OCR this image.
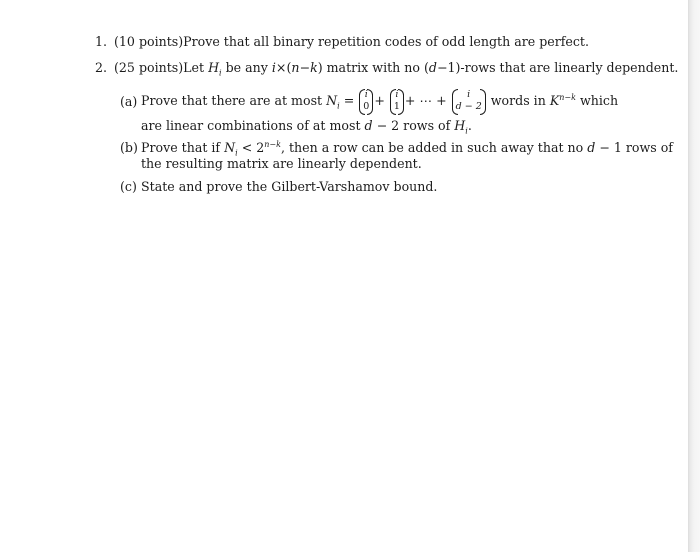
1. (10 points)Prove that all binary repetition codes of odd length are perfect.
2. (25 points)Let $H_i$ be any i×(n−k) matrix with no (d−1)-rows that are linearly dependent.
(a) Prove that there are at most $N_i = i$
0 + i
1 + ⋯ +	i
d − 2 words in $K^{n-k}$ which
are linear combinations of at most d − 2 rows of $H_i$.
(b) Prove that if $N_i < 2^{n-k}$, then a row can be added in such away that no d − 1 rows of
the resulting matrix are linearly dependent.
(c) State and prove the Gilbert-Varshamov bound.
